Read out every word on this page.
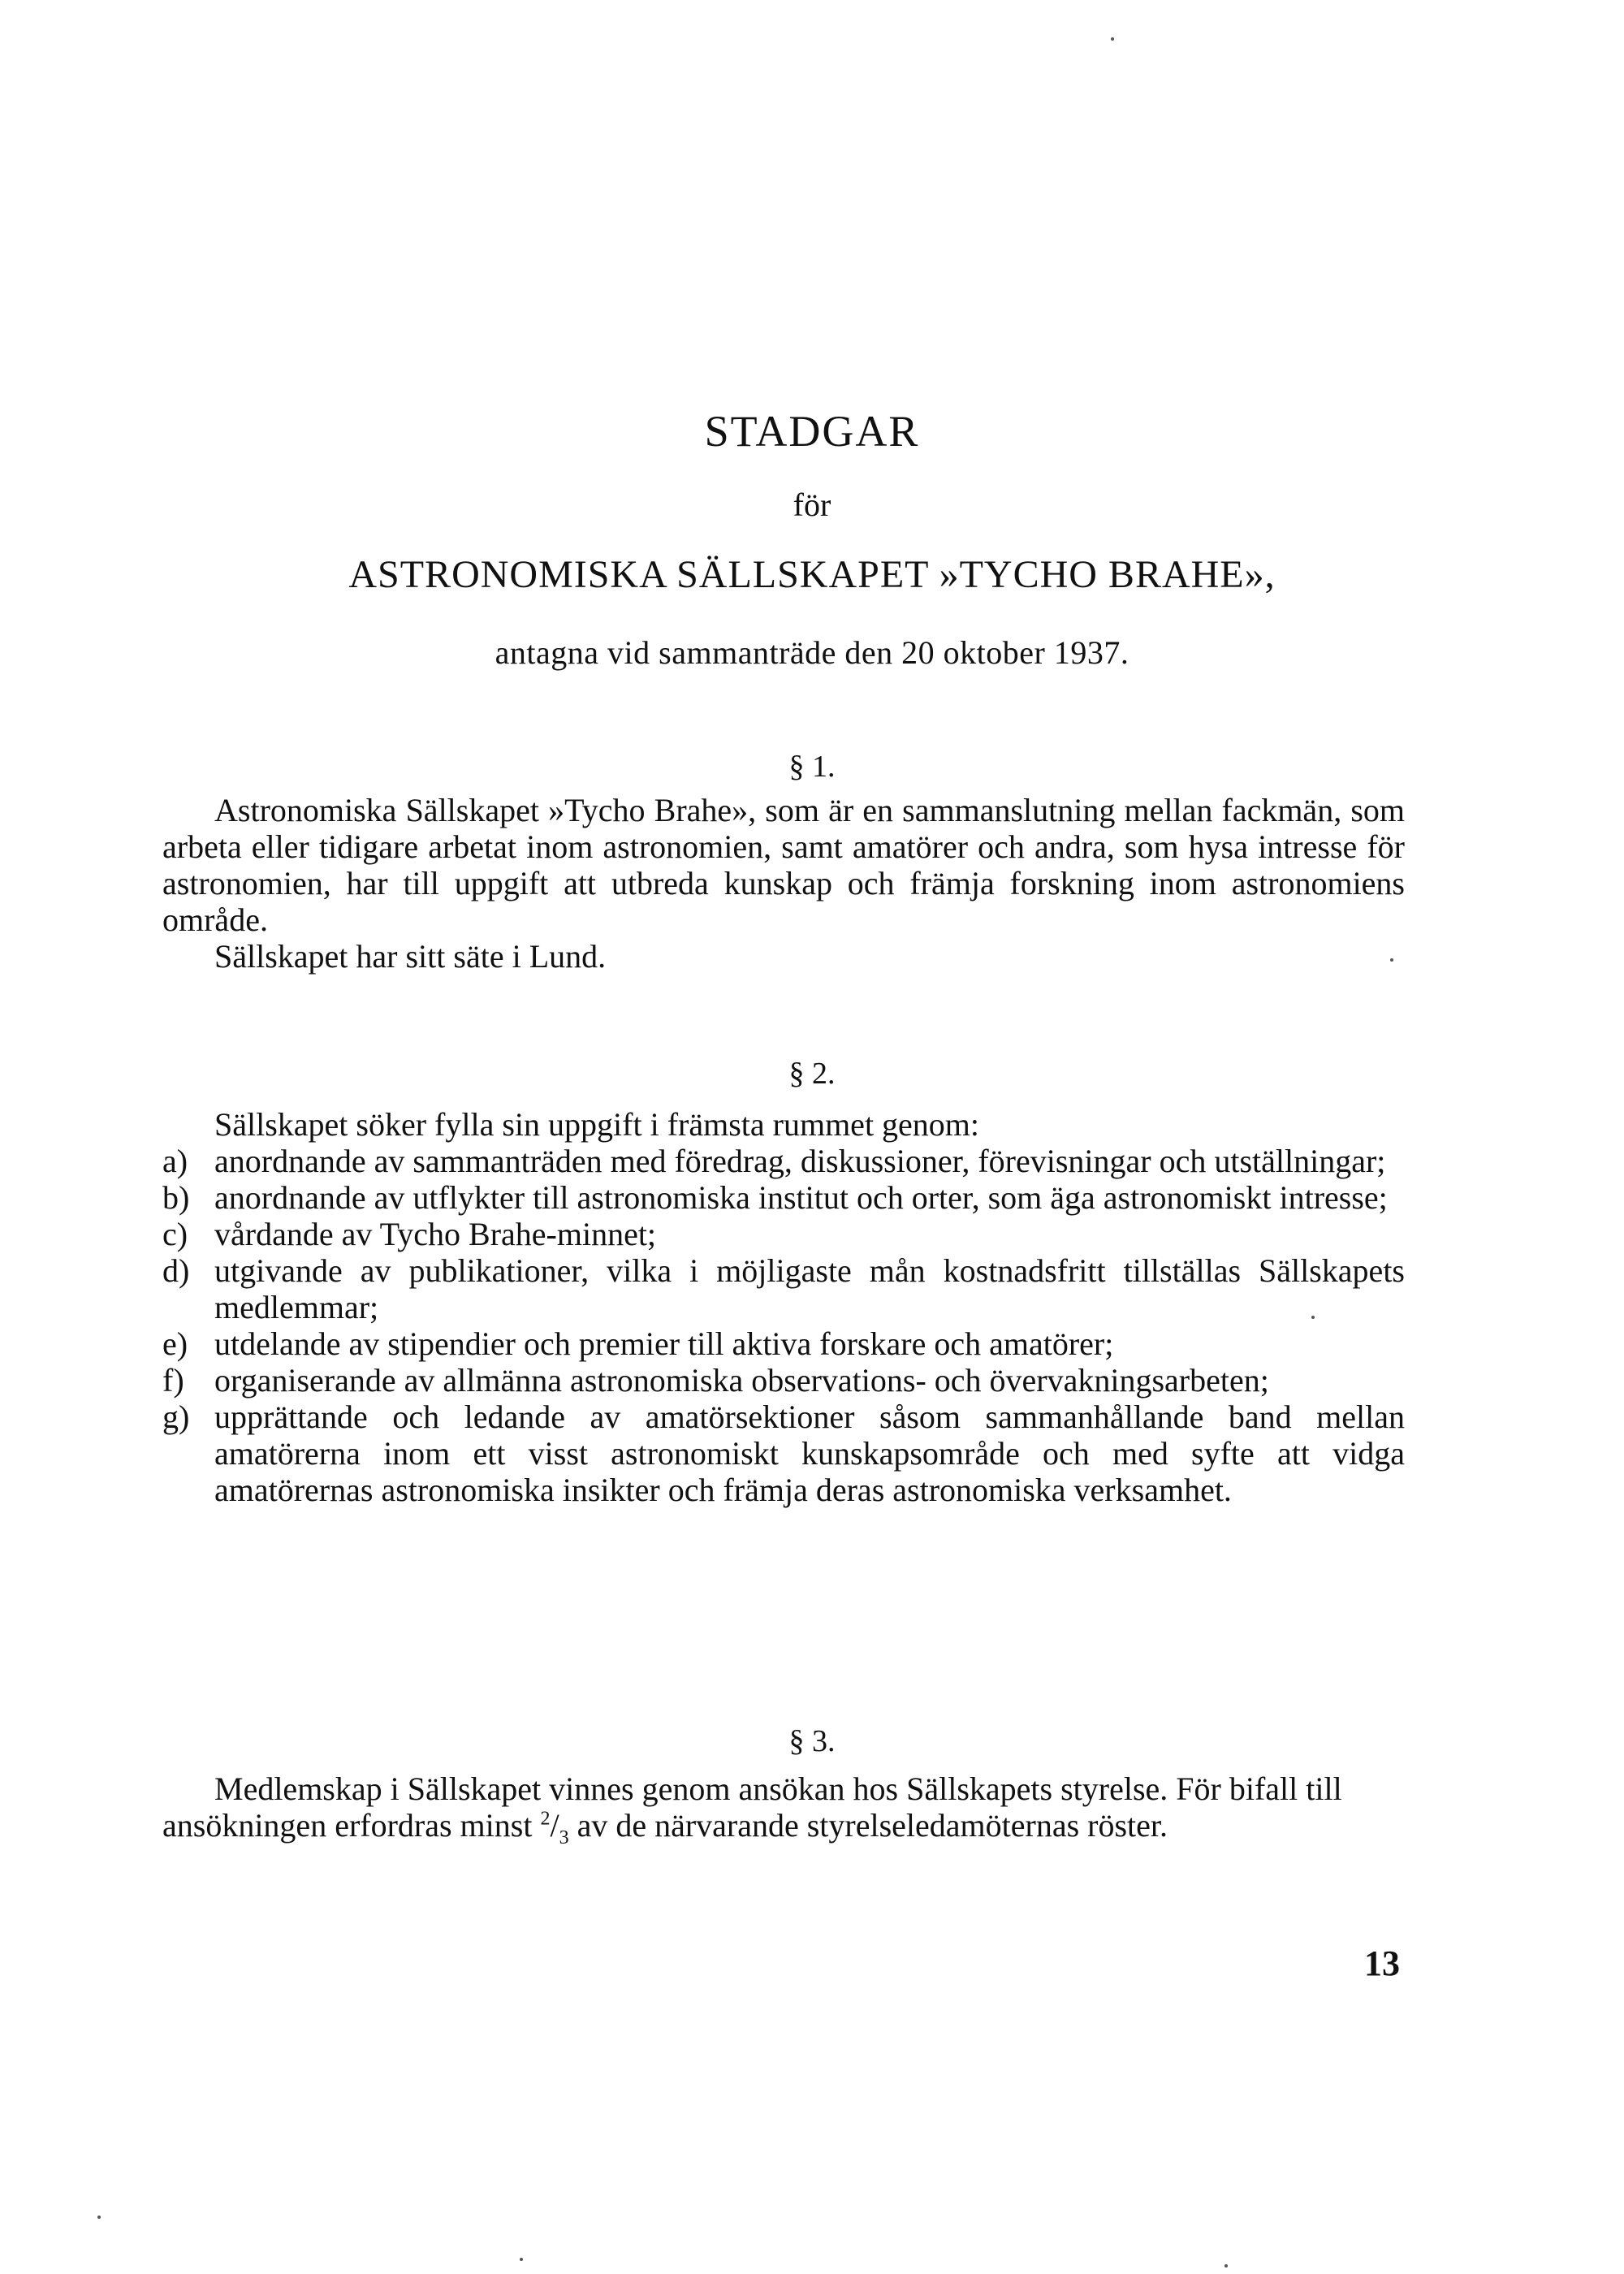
STADGAR
för
ASTRONOMISKA SÄLLSKAPET »TYCHO BRAHE»,
antagna vid sammanträde den 20 oktober 1937.
§ 1.

Astronomiska Sällskapet »Tycho Brahe», som är en sammanslutning mellan fackmän, som arbeta eller tidigare arbetat inom astronomien, samt amatörer och andra, som hysa intresse för astronomien, har till uppgift att utbreda kunskap och främja forskning inom astronomiens område.

Sällskapet har sitt säte i Lund.

§ 2.

Sällskapet söker fylla sin uppgift i främsta rummet genom:

a) anordnande av sammanträden med föredrag, diskussioner, förevisningar och utställningar;
b) anordnande av utflykter till astronomiska institut och orter, som äga astronomiskt intresse;
c) vårdande av Tycho Brahe-minnet;
d) utgivande av publikationer, vilka i möjligaste mån kostnadsfritt tillställas Sällskapets medlemmar;
e) utdelande av stipendier och premier till aktiva forskare och amatörer;
f) organiserande av allmänna astronomiska observations- och övervakningsarbeten;
g) upprättande och ledande av amatörsektioner såsom sammanhållande band mellan amatörerna inom ett visst astronomiskt kunskapsområde och med syfte att vidga amatörernas astronomiska insikter och främja deras astronomiska verksamhet.
§ 3.

Medlemskap i Sällskapet vinnes genom ansökan hos Sällskapets styrelse. För bifall till ansökningen erfordras minst $^2/_3$ av de närvarande styrelseledamöternas röster.

13
